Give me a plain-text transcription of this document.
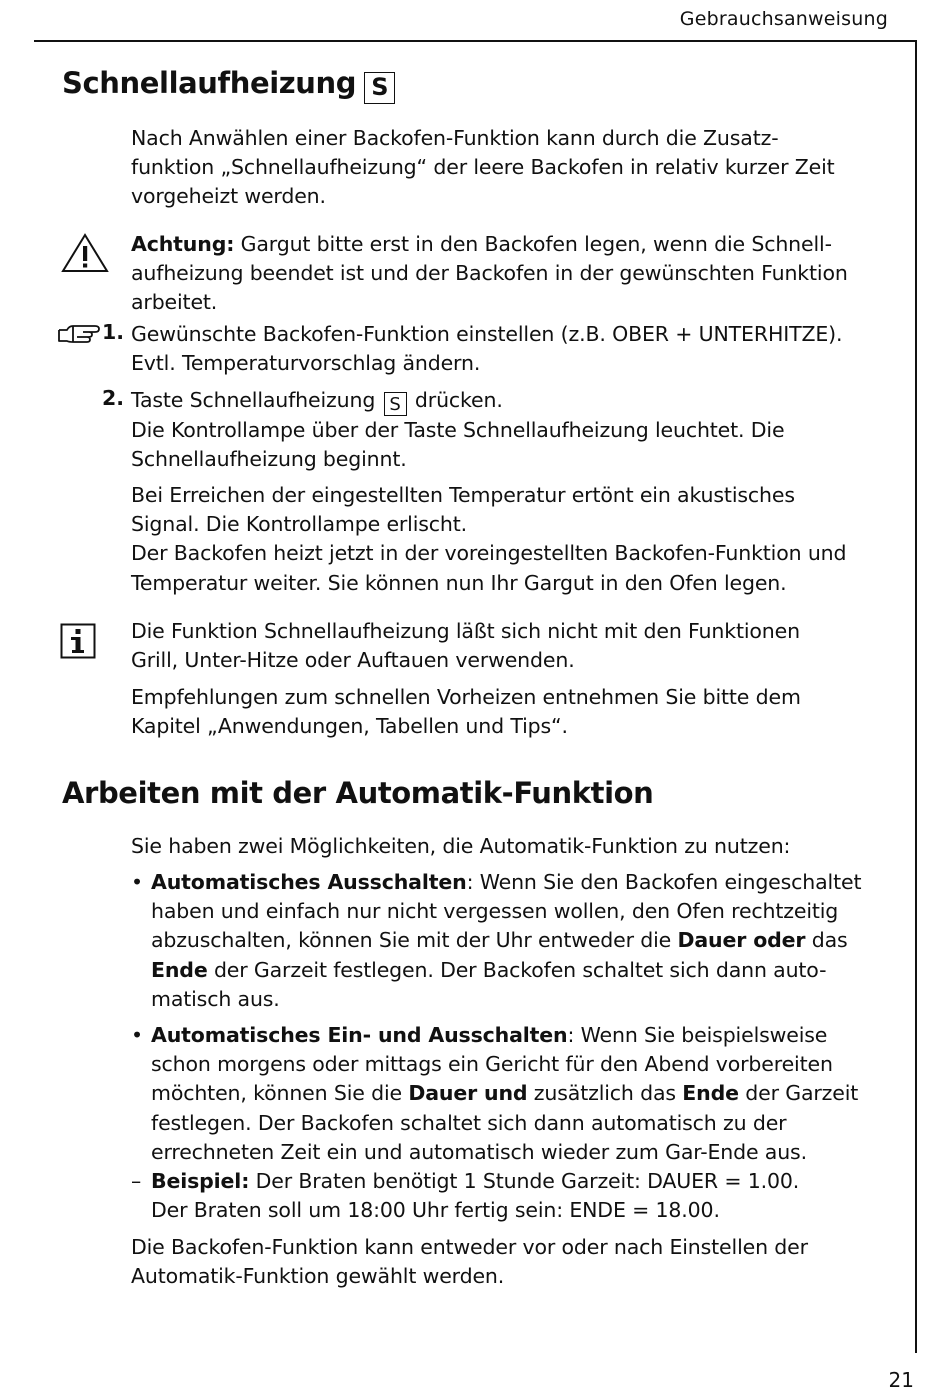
Gebrauchsanweisung
Schnellaufheizung S

Nach Anwählen einer Backofen-Funktion kann durch die Zusatz-
funktion „Schnellaufheizung“ der leere Backofen in relativ kurzer Zeit
vorgeheizt werden.

Achtung: Gargut bitte erst in den Backofen legen, wenn die Schnell-
aufheizung beendet ist und der Backofen in der gewünschten Funktion
arbeitet.

1. Gewünschte Backofen-Funktion einstellen (z.B. OBER + UNTERHITZE).
Evtl. Temperaturvorschlag ändern.

2. Taste Schnellaufheizung S drücken.
Die Kontrollampe über der Taste Schnellaufheizung leuchtet. Die
Schnellaufheizung beginnt.

Bei Erreichen der eingestellten Temperatur ertönt ein akustisches
Signal. Die Kontrollampe erlischt.
Der Backofen heizt jetzt in der voreingestellten Backofen-Funktion und
Temperatur weiter. Sie können nun Ihr Gargut in den Ofen legen.

Die Funktion Schnellaufheizung läßt sich nicht mit den Funktionen
Grill, Unter-Hitze oder Auftauen verwenden.

Empfehlungen zum schnellen Vorheizen entnehmen Sie bitte dem
Kapitel „Anwendungen, Tabellen und Tips“.

Arbeiten mit der Automatik-Funktion

Sie haben zwei Möglichkeiten, die Automatik-Funktion zu nutzen:

• Automatisches Ausschalten: Wenn Sie den Backofen eingeschaltet
haben und einfach nur nicht vergessen wollen, den Ofen rechtzeitig
abzuschalten, können Sie mit der Uhr entweder die Dauer oder das
Ende der Garzeit festlegen. Der Backofen schaltet sich dann auto-
matisch aus.
• Automatisches Ein- und Ausschalten: Wenn Sie beispielsweise
schon morgens oder mittags ein Gericht für den Abend vorbereiten
möchten, können Sie die Dauer und zusätzlich das Ende der Garzeit
festlegen. Der Backofen schaltet sich dann automatisch zu der
errechneten Zeit ein und automatisch wieder zum Gar-Ende aus.
– Beispiel: Der Braten benötigt 1 Stunde Garzeit: DAUER = 1.00.
Der Braten soll um 18:00 Uhr fertig sein: ENDE = 18.00.

Die Backofen-Funktion kann entweder vor oder nach Einstellen der
Automatik-Funktion gewählt werden.

21
